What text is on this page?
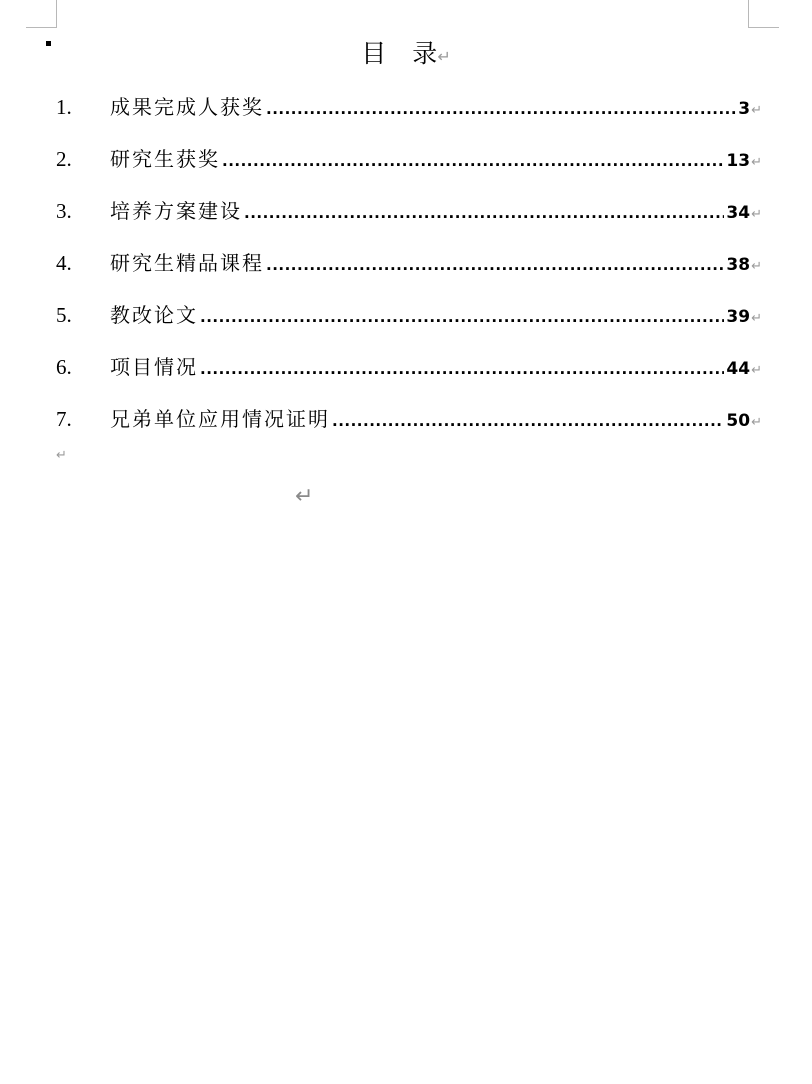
目 录↵
1.	成果完成人获奖 .....	3 ↵
2.	研究生获奖 .....	13 ↵
3.	培养方案建设 .....	34 ↵
4.	研究生精品课程 .....	38 ↵
5.	教改论文 .....	39 ↵
6.	项目情况 .....	44 ↵
7.	兄弟单位应用情况证明 .....	50 ↵
↵
↵
